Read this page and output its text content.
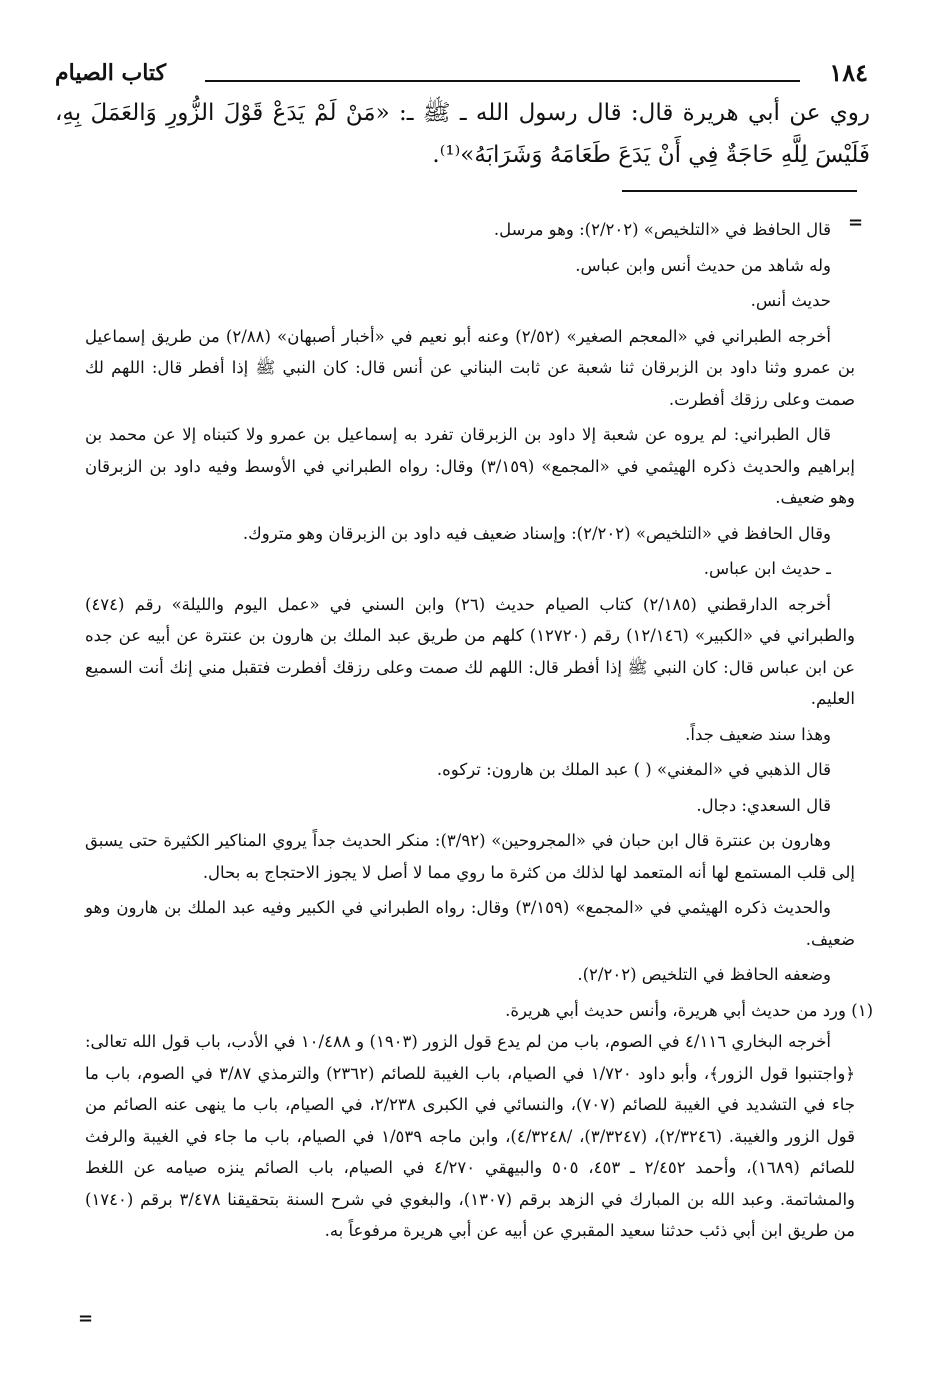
١٨٤
كتاب الصيام
روي عن أبي هريرة قال: قال رسول الله ـ ﷺ ـ: «مَنْ لَمْ يَدَعْ قَوْلَ الزُّورِ وَالعَمَلَ بِهِ، فَلَيْسَ لِلَّهِ حَاجَةٌ فِي أَنْ يَدَعَ طَعَامَهُ وَشَرَابَهُ»⁽¹⁾.
=

قال الحافظ في «التلخيص» (٢/٢٠٢): وهو مرسل.

وله شاهد من حديث أنس وابن عباس.

حديث أنس.

أخرجه الطبراني في «المعجم الصغير» (٢/٥٢) وعنه أبو نعيم في «أخبار أصبهان» (٢/٨٨) من طريق إسماعيل بن عمرو وثنا داود بن الزبرقان ثنا شعبة عن ثابت البناني عن أنس قال: كان النبي ﷺ إذا أفطر قال: اللهم لك صمت وعلى رزقك أفطرت.

قال الطبراني: لم يروه عن شعبة إلا داود بن الزبرقان تفرد به إسماعيل بن عمرو ولا كتبناه إلا عن محمد بن إبراهيم والحديث ذكره الهيثمي في «المجمع» (٣/١٥٩) وقال: رواه الطبراني في الأوسط وفيه داود بن الزبرقان وهو ضعيف.

وقال الحافظ في «التلخيص» (٢/٢٠٢): وإسناد ضعيف فيه داود بن الزبرقان وهو متروك.

ـ حديث ابن عباس.

أخرجه الدارقطني (٢/١٨٥) كتاب الصيام حديث (٢٦) وابن السني في «عمل اليوم والليلة» رقم (٤٧٤) والطبراني في «الكبير» (١٢/١٤٦) رقم (١٢٧٢٠) كلهم من طريق عبد الملك بن هارون بن عنترة عن أبيه عن جده عن ابن عباس قال: كان النبي ﷺ إذا أفطر قال: اللهم لك صمت وعلى رزقك أفطرت فتقبل مني إنك أنت السميع العليم.

وهذا سند ضعيف جداً.

قال الذهبي في «المغني» ( ) عبد الملك بن هارون: تركوه.

قال السعدي: دجال.

وهارون بن عنترة قال ابن حبان في «المجروحين» (٣/٩٢): منكر الحديث جداً يروي المناكير الكثيرة حتى يسبق إلى قلب المستمع لها أنه المتعمد لها لذلك من كثرة ما روي مما لا أصل لا يجوز الاحتجاج به بحال.

والحديث ذكره الهيثمي في «المجمع» (٣/١٥٩) وقال: رواه الطبراني في الكبير وفيه عبد الملك بن هارون وهو ضعيف.

وضعفه الحافظ في التلخيص (٢/٢٠٢).

(١) ورد من حديث أبي هريرة، وأنس حديث أبي هريرة.

أخرجه البخاري ٤/١١٦ في الصوم، باب من لم يدع قول الزور (١٩٠٣) و ١٠/٤٨٨ في الأدب، باب قول الله تعالى: ﴿واجتنبوا قول الزور﴾، وأبو داود ١/٧٢٠ في الصيام، باب الغيبة للصائم (٢٣٦٢) والترمذي ٣/٨٧ في الصوم، باب ما جاء في التشديد في الغيبة للصائم (٧٠٧)، والنسائي في الكبرى ٢/٢٣٨، في الصيام، باب ما ينهى عنه الصائم من قول الزور والغيبة. (٢/٣٢٤٦)، (٣/٣٢٤٧)، /٤/٣٢٤٨)، وابن ماجه ١/٥٣٩ في الصيام، باب ما جاء في الغيبة والرفث للصائم (١٦٨٩)، وأحمد ٢/٤٥٢ ـ ٤٥٣، ٥٠٥ والبيهقي ٤/٢٧٠ في الصيام، باب الصائم ينزه صيامه عن اللغط والمشاتمة. وعبد الله بن المبارك في الزهد برقم (١٣٠٧)، والبغوي في شرح السنة بتحقيقنا ٣/٤٧٨ برقم (١٧٤٠) من طريق ابن أبي ذئب حدثنا سعيد المقبري عن أبيه عن أبي هريرة مرفوعاً به.

=
